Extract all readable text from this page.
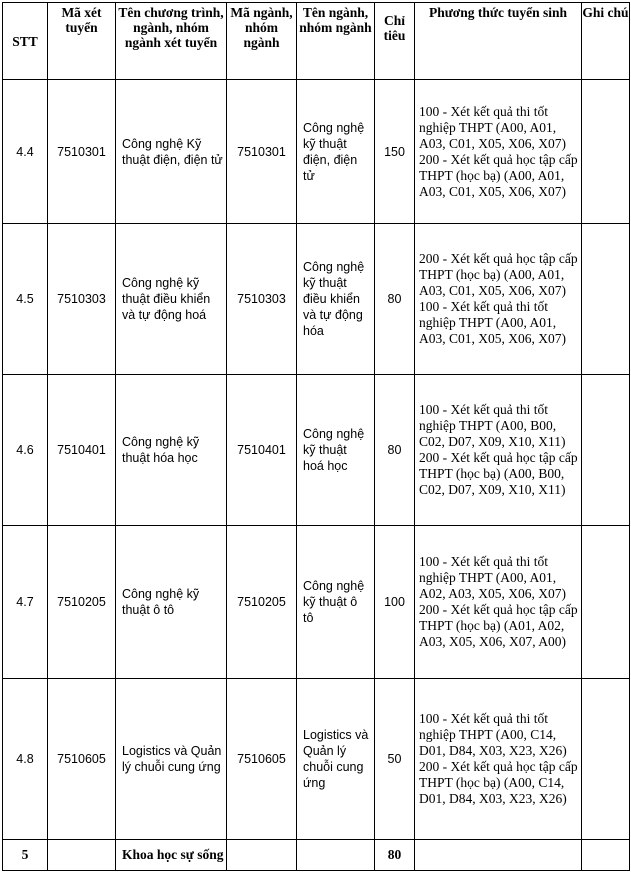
STT	Mã xét tuyển	Tên chương trình, ngành, nhóm ngành xét tuyển	Mã ngành, nhóm ngành	Tên ngành, nhóm ngành	Chỉ tiêu	Phương thức tuyển sinh	Ghi chú
4.4	7510301	Công nghệ Kỹ thuật điện, điện tử	7510301	Công nghệ kỹ thuật điện, điện tử	150	100 - Xét kết quả thi tốt nghiệp THPT (A00, A01, A03, C01, X05, X06, X07)
200 - Xét kết quả học tập cấp THPT (học bạ) (A00, A01, A03, C01, X05, X06, X07)	

4.5	7510303	Công nghệ kỹ thuật điều khiển và tự động hoá	7510303	Công nghệ kỹ thuật điều khiển và tự động hóa	80	200 - Xét kết quả học tập cấp THPT (học bạ) (A00, A01, A03, C01, X05, X06, X07)
100 - Xét kết quả thi tốt nghiệp THPT (A00, A01, A03, C01, X05, X06, X07)	

4.6	7510401	Công nghệ kỹ thuật hóa học	7510401	Công nghệ kỹ thuật hoá học	80	100 - Xét kết quả thi tốt nghiệp THPT (A00, B00, C02, D07, X09, X10, X11)
200 - Xét kết quả học tập cấp THPT (học bạ) (A00, B00, C02, D07, X09, X10, X11)	

4.7	7510205	Công nghệ kỹ thuật ô tô	7510205	Công nghệ kỹ thuật ô tô	100	100 - Xét kết quả thi tốt nghiệp THPT (A00, A01, A02, A03, X05, X06, X07)
200 - Xét kết quả học tập cấp THPT (học bạ) (A01, A02, A03, X05, X06, X07, A00)	

4.8	7510605	Logistics và Quản lý chuỗi cung ứng	7510605	Logistics và Quản lý chuỗi cung ứng	50	100 - Xét kết quả thi tốt nghiệp THPT (A00, C14, D01, D84, X03, X23, X26)
200 - Xét kết quả học tập cấp THPT (học bạ) (A00, C14, D01, D84, X03, X23, X26)	

5		Khoa học sự sống			80		
